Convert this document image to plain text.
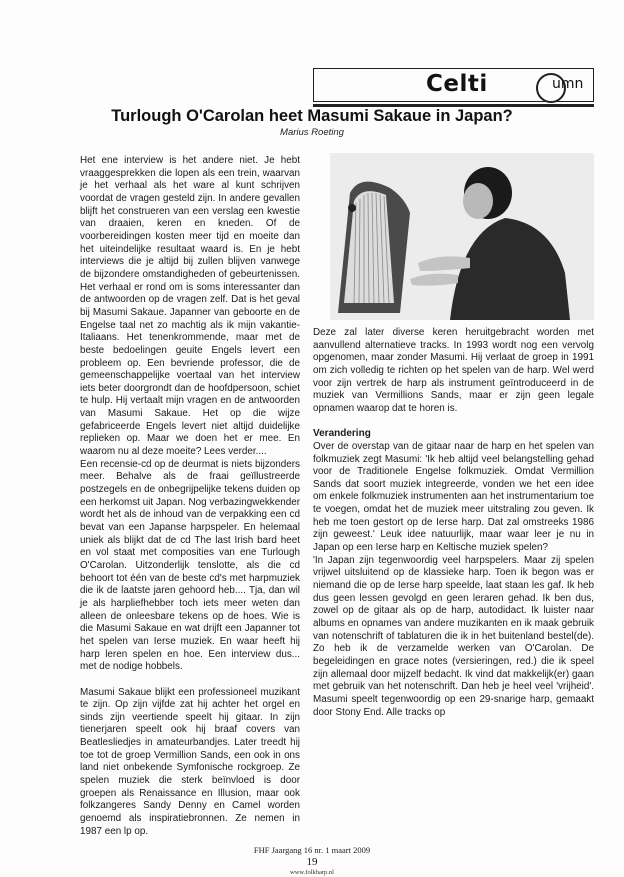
Celti	umn
Turlough O'Carolan heet Masumi Sakaue in Japan?
Marius Roeting

Het ene interview is het andere niet. Je hebt vraaggesprekken die lopen als een trein, waarvan je het verhaal als het ware al kunt schrijven voordat de vragen gesteld zijn. In andere gevallen blijft het construeren van een verslag een kwestie van draaien, keren en kneden. Of de voorbereidingen kosten meer tijd en moeite dan het uiteindelijke resultaat waard is. En je hebt interviews die je altijd bij zullen blijven vanwege de bijzondere omstandigheden of gebeurtenissen. Het verhaal er rond om is soms interessanter dan de antwoorden op de vragen zelf. Dat is het geval bij Masumi Sakaue. Japanner van geboorte en de Engelse taal net zo machtig als ik mijn vakantie-Italiaans. Het tenenkrommende, maar met de beste bedoelingen geuite Engels levert een probleem op. Een bevriende professor, die de gemeenschappelijke voertaal van het interview iets beter doorgrondt dan de hoofdpersoon, schiet te hulp. Hij vertaalt mijn vragen en de antwoorden van Masumi Sakaue. Het op die wijze gefabriceerde Engels levert niet altijd duidelijke replieken op. Maar we doen het er mee. En waarom nu al deze moeite? Lees verder....

Een recensie-cd op de deurmat is niets bijzonders meer. Behalve als de fraai geïllustreerde postzegels en de onbegrijpelijke tekens duiden op een herkomst uit Japan. Nog verbazingwekkender wordt het als de inhoud van de verpakking een cd bevat van een Japanse harpspeler. En helemaal uniek als blijkt dat de cd The last Irish bard heet en vol staat met composities van ene Turlough O'Carolan. Uitzonderlijk tenslotte, als die cd behoort tot één van de beste cd's met harpmuziek die ik de laatste jaren gehoord heb.... Tja, dan wil je als harpliefhebber toch iets meer weten dan alleen de onleesbare tekens op de hoes. Wie is die Masumi Sakaue en wat drijft een Japanner tot het spelen van Ierse muziek. En waar heeft hij harp leren spelen en hoe. Een interview dus... met de nodige hobbels.

Masumi Sakaue blijkt een professioneel muzikant te zijn. Op zijn vijfde zat hij achter het orgel en sinds zijn veertiende speelt hij gitaar. In zijn tienerjaren speelt ook hij braaf covers van Beatlesliedjes in amateurbandjes. Later treedt hij toe tot de groep Vermillion Sands, een ook in ons land niet onbekende Symfonische rockgroep. Ze spelen muziek die sterk beïnvloed is door groepen als Renaissance en Illusion, maar ook folkzangeres Sandy Denny en Camel worden genoemd als inspiratiebronnen. Ze nemen in 1987 een lp op.

Deze zal later diverse keren heruitgebracht worden met aanvullend alternatieve tracks. In 1993 wordt nog een vervolg opgenomen, maar zonder Masumi. Hij verlaat de groep in 1991 om zich volledig te richten op het spelen van de harp. Wel werd voor zijn vertrek de harp als instrument geïntroduceerd in de muziek van Vermillions Sands, maar er zijn geen legale opnamen waarop dat te horen is.

Verandering

Over de overstap van de gitaar naar de harp en het spelen van folkmuziek zegt Masumi: 'Ik heb altijd veel belangstelling gehad voor de Traditionele Engelse folkmuziek. Omdat Vermillion Sands dat soort muziek integreerde, vonden we het een idee om enkele folkmuziek instrumenten aan het instrumentarium toe te voegen, omdat het de muziek meer uitstraling zou geven. Ik heb me toen gestort op de Ierse harp. Dat zal omstreeks 1986 zijn geweest.' Leuk idee natuurlijk, maar waar leer je nu in Japan op een Ierse harp en Keltische muziek spelen?

'In Japan zijn tegenwoordig veel harpspelers. Maar zij spelen vrijwel uitsluitend op de klassieke harp. Toen ik begon was er niemand die op de Ierse harp speelde, laat staan les gaf. Ik heb dus geen lessen gevolgd en geen leraren gehad. Ik ben dus, zowel op de gitaar als op de harp, autodidact. Ik luister naar albums en opnames van andere muzikanten en ik maak gebruik van notenschrift of tablaturen die ik in het buitenland bestel(de). Zo heb ik de verzamelde werken van O'Carolan. De begeleidingen en grace notes (versieringen, red.) die ik speel zijn allemaal door mijzelf bedacht. Ik vind dat makkelijk(er) gaan met gebruik van het notenschrift. Dan heb je heel veel 'vrijheid'. Masumi speelt tegenwoordig op een 29-snarige harp, gemaakt door Stony End. Alle tracks op

FHF Jaargang 16 nr. 1 maart 2009
19
www.folkharp.nl
